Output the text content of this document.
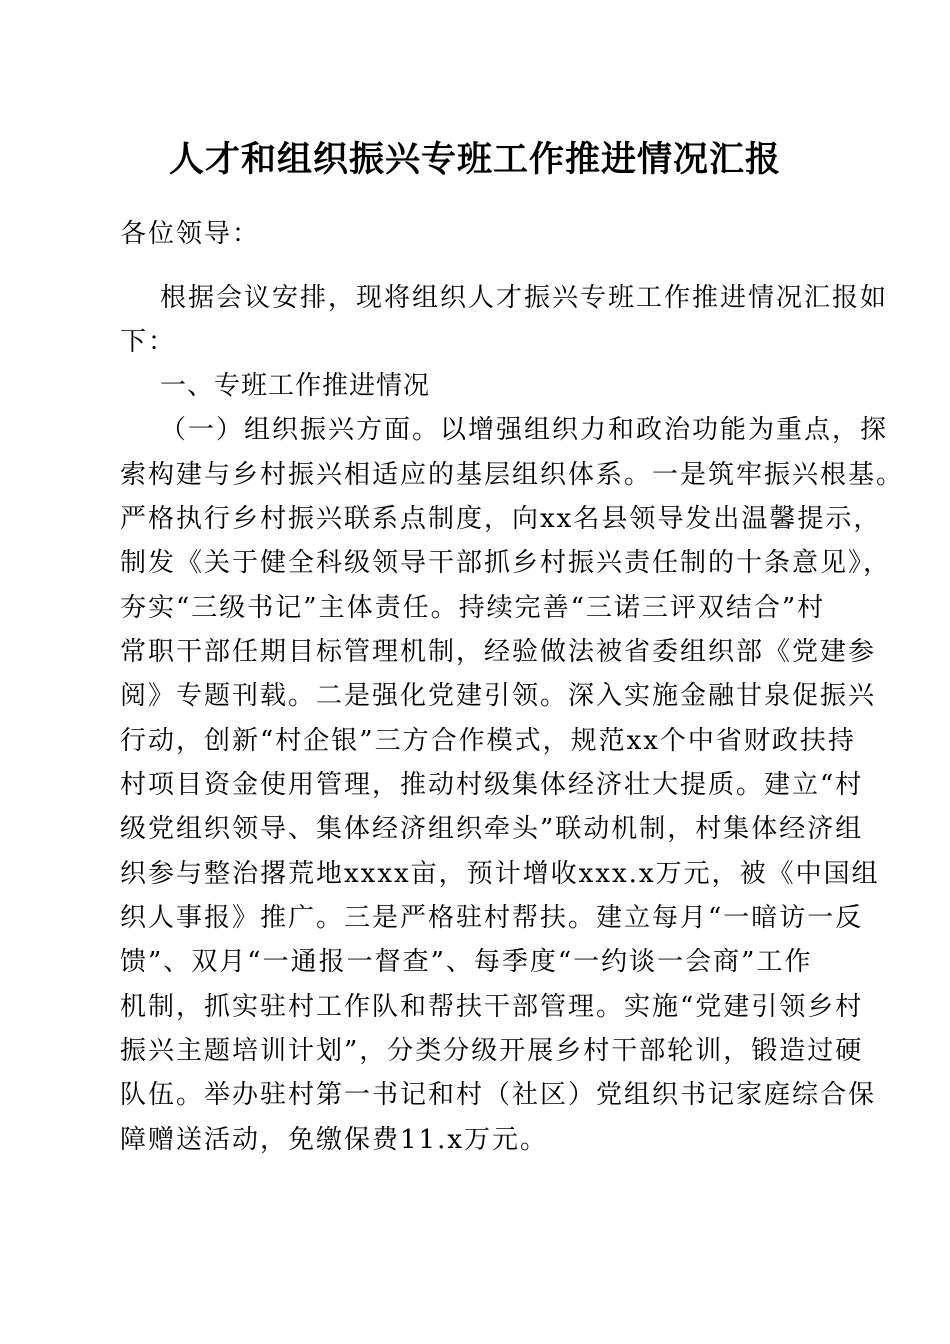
人才和组织振兴专班工作推进情况汇报
各位领导：
根据会议安排，现将组织人才振兴专班工作推进情况汇报如
下：
一、专班工作推进情况
（一）组织振兴方面。以增强组织力和政治功能为重点，探
索构建与乡村振兴相适应的基层组织体系。一是筑牢振兴根基。
严格执行乡村振兴联系点制度，向xx名县领导发出温馨提示，
制发《关于健全科级领导干部抓乡村振兴责任制的十条意见》，
夯实“三级书记”主体责任。持续完善“三诺三评双结合”村
常职干部任期目标管理机制，经验做法被省委组织部《党建参
阅》专题刊载。二是强化党建引领。深入实施金融甘泉促振兴
行动，创新“村企银”三方合作模式，规范xx个中省财政扶持
村项目资金使用管理，推动村级集体经济壮大提质。建立“村
级党组织领导、集体经济组织牵头”联动机制，村集体经济组
织参与整治撂荒地xxxx亩，预计增收xxx.x万元，被《中国组
织人事报》推广。三是严格驻村帮扶。建立每月“一暗访一反
馈”、双月“一通报一督查”、每季度“一约谈一会商”工作
机制，抓实驻村工作队和帮扶干部管理。实施“党建引领乡村
振兴主题培训计划”，分类分级开展乡村干部轮训，锻造过硬
队伍。举办驻村第一书记和村（社区）党组织书记家庭综合保
障赠送活动，免缴保费11.x万元。
